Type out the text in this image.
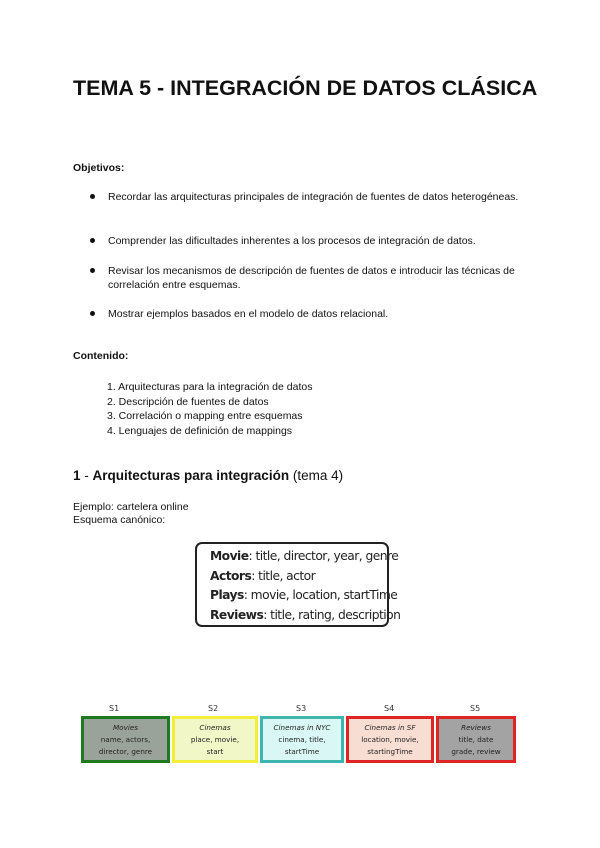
TEMA 5 - INTEGRACIÓN DE DATOS CLÁSICA
Objetivos:
Recordar las arquitecturas principales de integración de fuentes de datos heterogéneas.
Comprender las dificultades inherentes a los procesos de integración de datos.
Revisar los mecanismos de descripción de fuentes de datos e introducir las técnicas de correlación entre esquemas.
Mostrar ejemplos basados en el modelo de datos relacional.
Contenido:
1. Arquitecturas para la integración de datos
2. Descripción de fuentes de datos
3. Correlación o mapping entre esquemas
4. Lenguajes de definición de mappings
1 - Arquitecturas para integración (tema 4)
Ejemplo: cartelera online
Esquema canónico:
Movie: title, director, year, genre
Actors: title, actor
Plays: movie, location, startTime
Reviews: title, rating, description
S1	S2	S3	S4	S5
Movies
name, actors,
director, genre
Cinemas
place, movie,
start
Cinemas in NYC
cinema, title,
startTime
Cinemas in SF
location, movie,
startingTime
Reviews
title, date
grade, review
